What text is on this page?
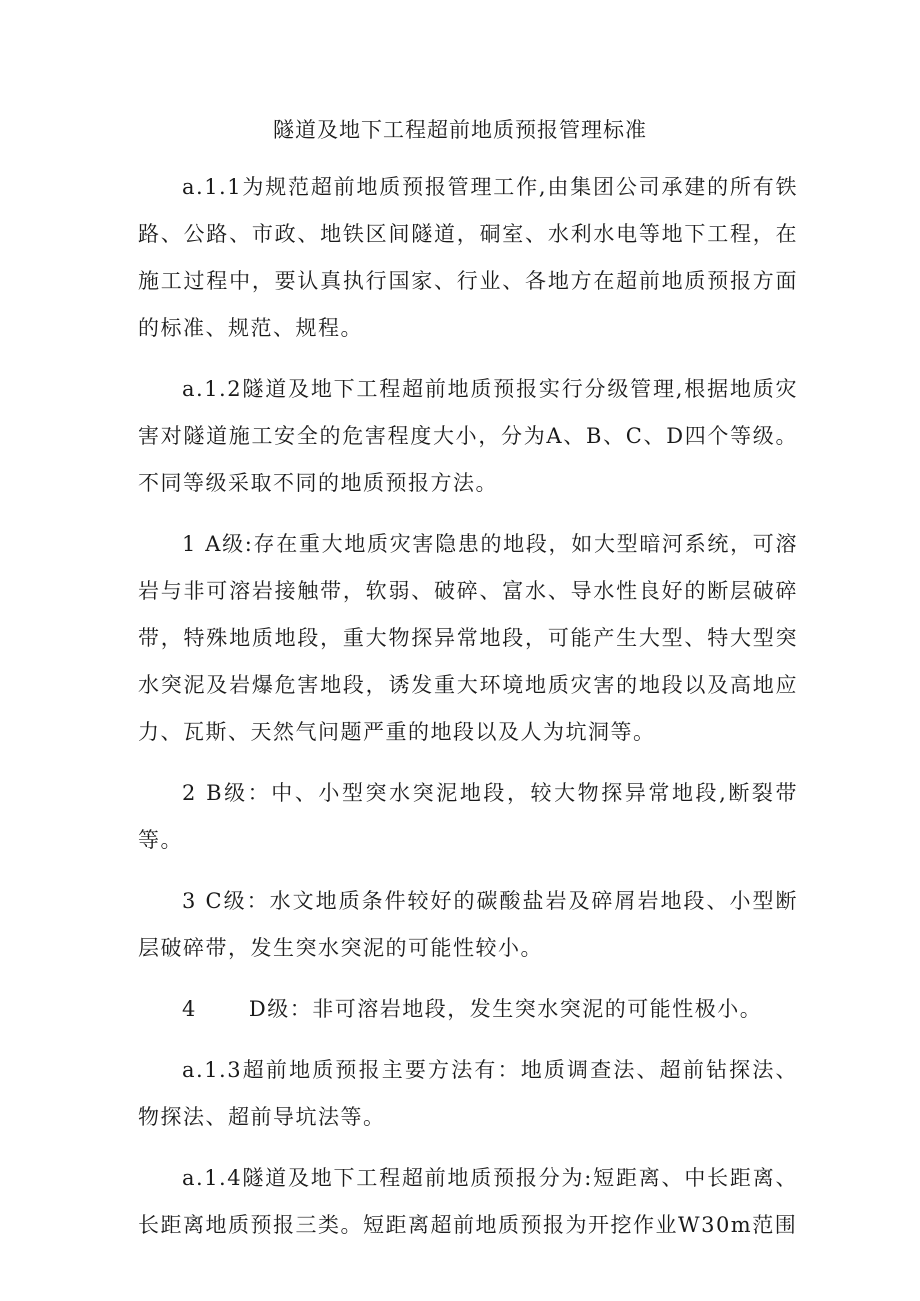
隧道及地下工程超前地质预报管理标准

a.1.1为规范超前地质预报管理工作,由集团公司承建的所有铁路、公路、市政、地铁区间隧道，硐室、水利水电等地下工程，在施工过程中，要认真执行国家、行业、各地方在超前地质预报方面的标准、规范、规程。

a.1.2隧道及地下工程超前地质预报实行分级管理,根据地质灾害对隧道施工安全的危害程度大小，分为A、B、C、D四个等级。不同等级采取不同的地质预报方法。

1 A级:存在重大地质灾害隐患的地段，如大型暗河系统，可溶岩与非可溶岩接触带，软弱、破碎、富水、导水性良好的断层破碎带，特殊地质地段，重大物探异常地段，可能产生大型、特大型突水突泥及岩爆危害地段，诱发重大环境地质灾害的地段以及高地应力、瓦斯、天然气问题严重的地段以及人为坑洞等。

2 B级：中、小型突水突泥地段，较大物探异常地段,断裂带等。

3 C级：水文地质条件较好的碳酸盐岩及碎屑岩地段、小型断层破碎带，发生突水突泥的可能性较小。

4 D级：非可溶岩地段，发生突水突泥的可能性极小。

a.1.3超前地质预报主要方法有：地质调查法、超前钻探法、物探法、超前导坑法等。

a.1.4隧道及地下工程超前地质预报分为:短距离、中长距离、长距离地质预报三类。短距离超前地质预报为开挖作业W30m范围
